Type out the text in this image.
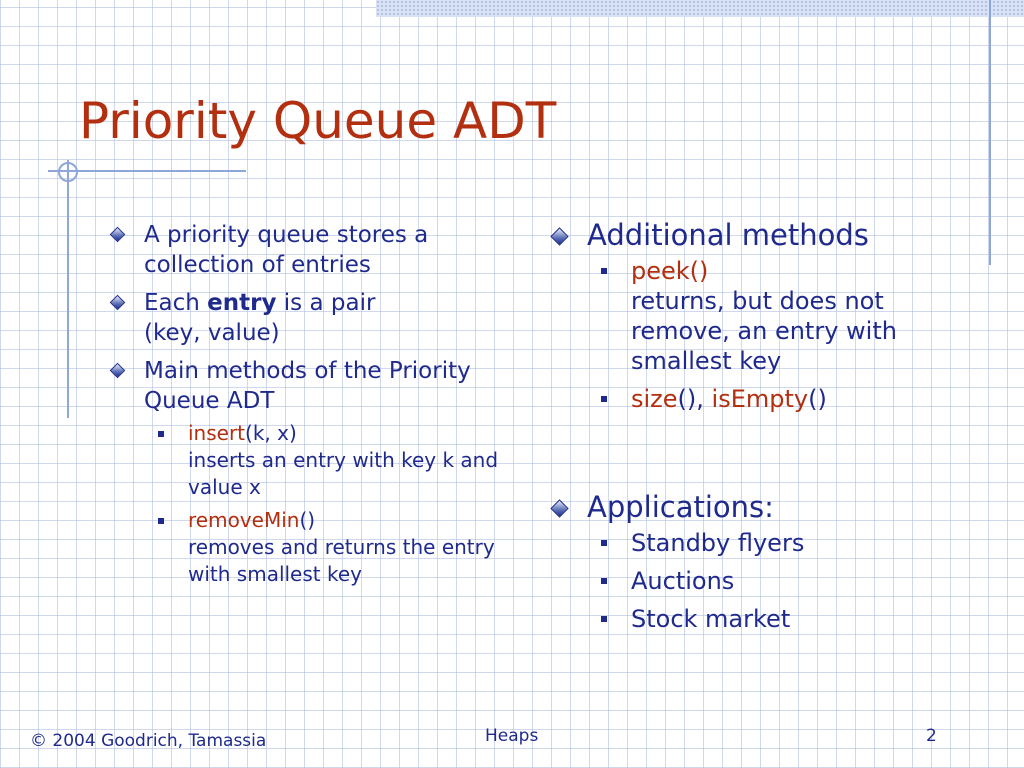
Priority Queue ADT
A priority queue stores a collection of entries
Each entry is a pair
(key, value)
Main methods of the Priority Queue ADT
insert(k, x)
inserts an entry with key k and value x
removeMin()
removes and returns the entry with smallest key
Additional methods
peek()
returns, but does not remove, an entry with smallest key
size(), isEmpty()
Applications:
Standby flyers
Auctions
Stock market
© 2004 Goodrich, Tamassia	Heaps	2
